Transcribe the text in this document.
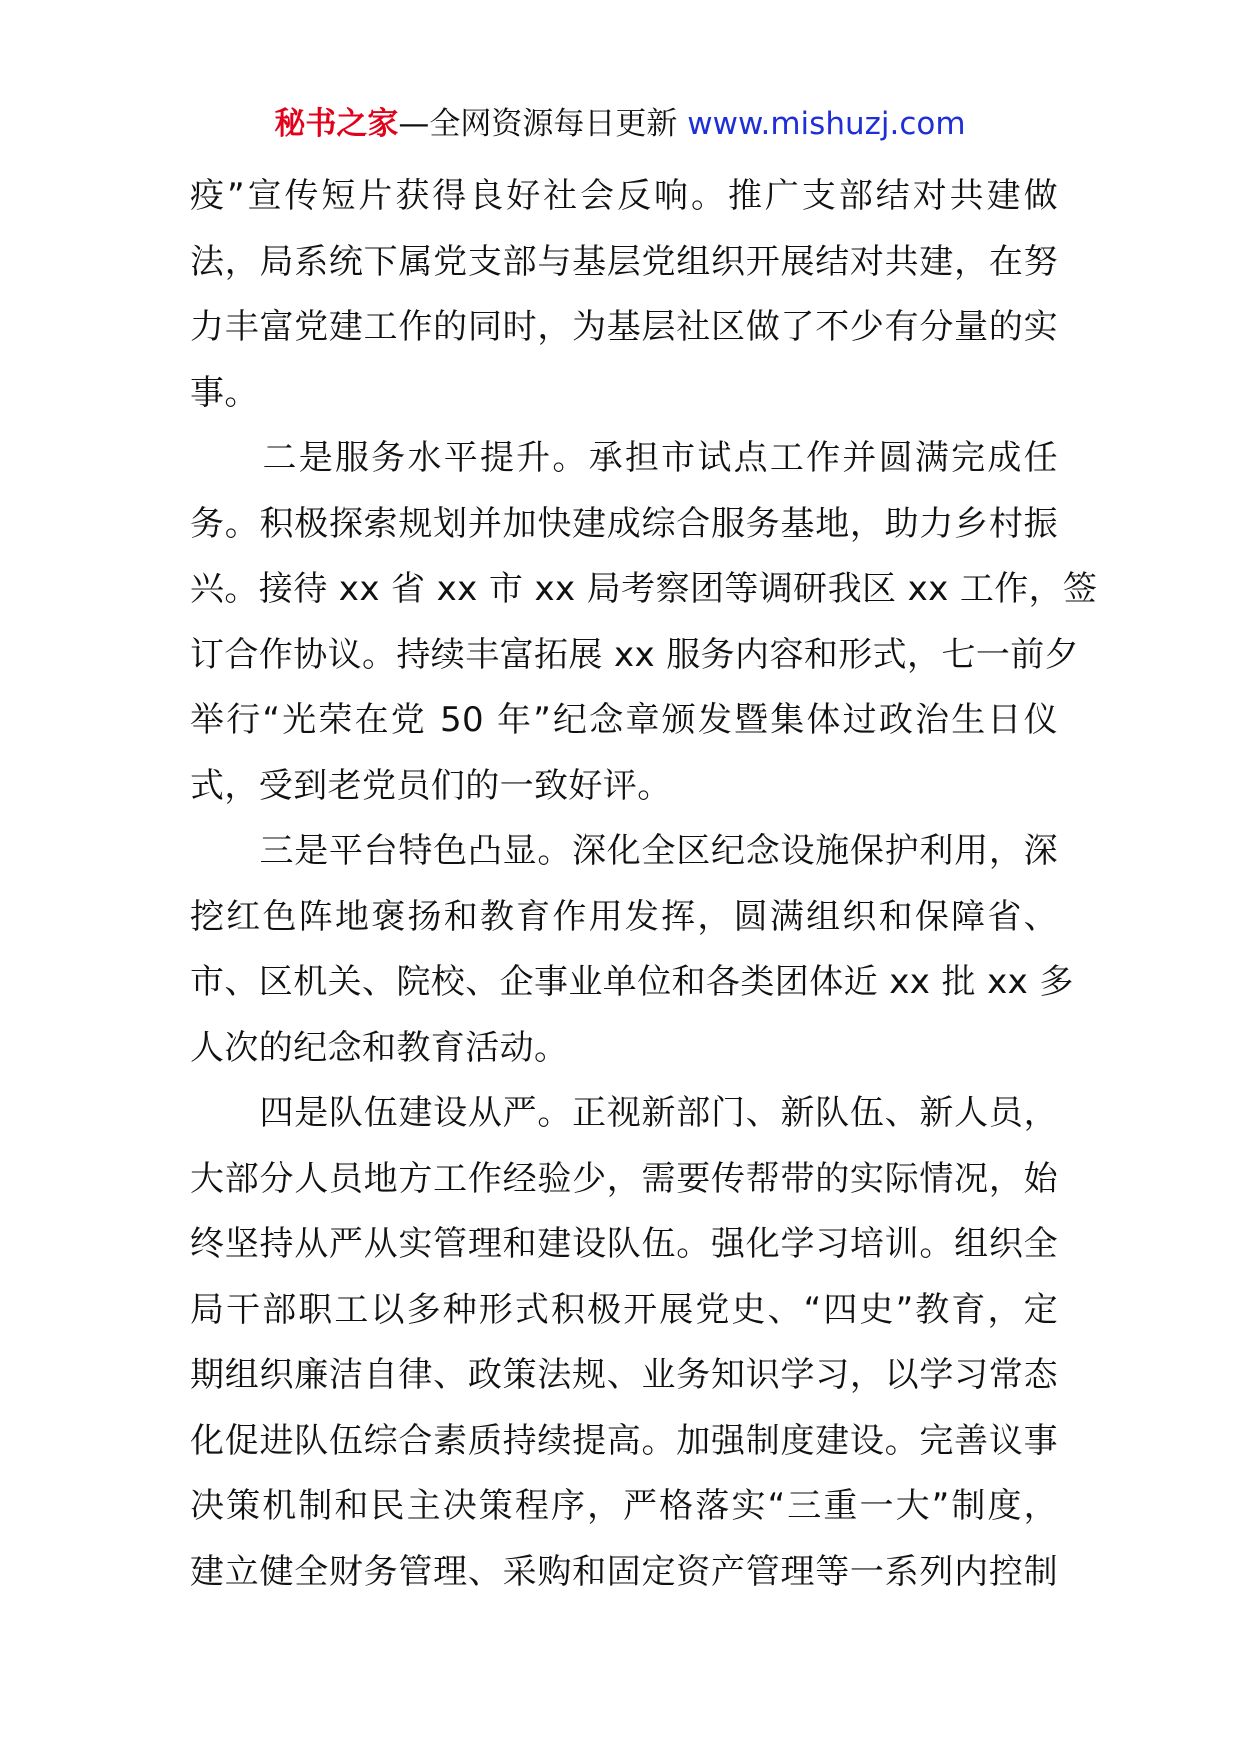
秘书之家—全网资源每日更新 www.mishuzj.com
疫”宣传短片获得良好社会反响。推广支部结对共建做
法，局系统下属党支部与基层党组织开展结对共建，在努
力丰富党建工作的同时，为基层社区做了不少有分量的实
事。
　　二是服务水平提升。承担市试点工作并圆满完成任
务。积极探索规划并加快建成综合服务基地，助力乡村振
兴。接待 xx 省 xx 市 xx 局考察团等调研我区 xx 工作，签
订合作协议。持续丰富拓展 xx 服务内容和形式，七一前夕
举行“光荣在党 50 年”纪念章颁发暨集体过政治生日仪
式，受到老党员们的一致好评。
　　三是平台特色凸显。深化全区纪念设施保护利用，深
挖红色阵地褒扬和教育作用发挥，圆满组织和保障省、
市、区机关、院校、企事业单位和各类团体近 xx 批 xx 多
人次的纪念和教育活动。
　　四是队伍建设从严。正视新部门、新队伍、新人员，
大部分人员地方工作经验少，需要传帮带的实际情况，始
终坚持从严从实管理和建设队伍。强化学习培训。组织全
局干部职工以多种形式积极开展党史、“四史”教育，定
期组织廉洁自律、政策法规、业务知识学习，以学习常态
化促进队伍综合素质持续提高。加强制度建设。完善议事
决策机制和民主决策程序，严格落实“三重一大”制度，
建立健全财务管理、采购和固定资产管理等一系列内控制
